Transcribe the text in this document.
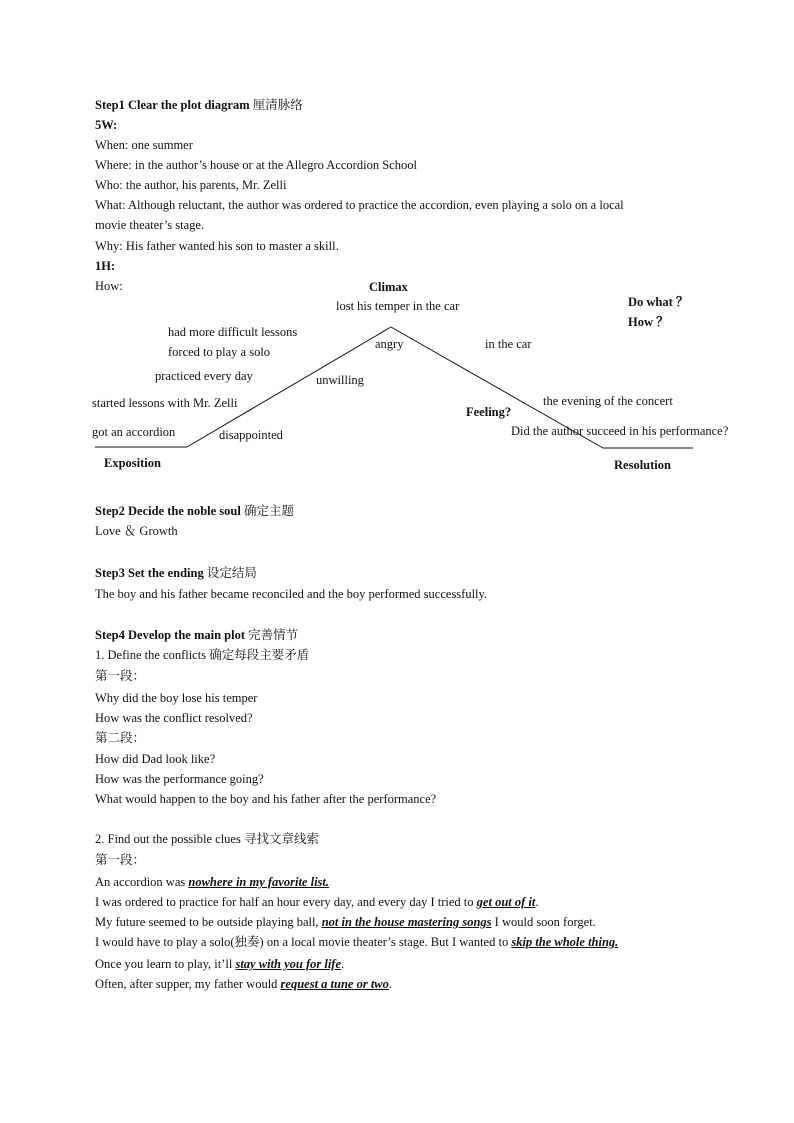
Step1 Clear the plot diagram 厘清脉络
5W:
When: one summer
Where: in the author’s house or at the Allegro Accordion School
Who: the author, his parents, Mr. Zelli
What: Although reluctant, the author was ordered to practice the accordion, even playing a solo on a local
movie theater’s stage.
Why: His father wanted his son to master a skill.
1H:
How:	Climax
lost his temper in the car	Do what ？
How ？
had more difficult lessons
forced to play a solo
practiced every day
started lessons with Mr. Zelli
got an accordion
angry
unwilling
disappointed
in the car
the evening of the concert
Did the author succeed in his performance?
Feeling?
Exposition	Resolution
Step2 Decide the noble soul 确定主题
Love ＆ Growth
Step3 Set the ending 设定结局
The boy and his father became reconciled and the boy performed successfully.
Step4 Develop the main plot 完善情节
1. Define the conflicts 确定每段主要矛盾
第一段：
Why did the boy lose his temper
How was the conflict resolved?
第二段：
How did Dad look like?
How was the performance going?
What would happen to the boy and his father after the performance?
2. Find out the possible clues 寻找文章线索
第一段：
An accordion was nowhere in my favorite list.
I was ordered to practice for half an hour every day, and every day I tried to get out of it.
My future seemed to be outside playing ball, not in the house mastering songs I would soon forget.
I would have to play a solo(独奏) on a local movie theater’s stage. But I wanted to skip the whole thing.
Once you learn to play, it’ll stay with you for life.
Often, after supper, my father would request a tune or two.
